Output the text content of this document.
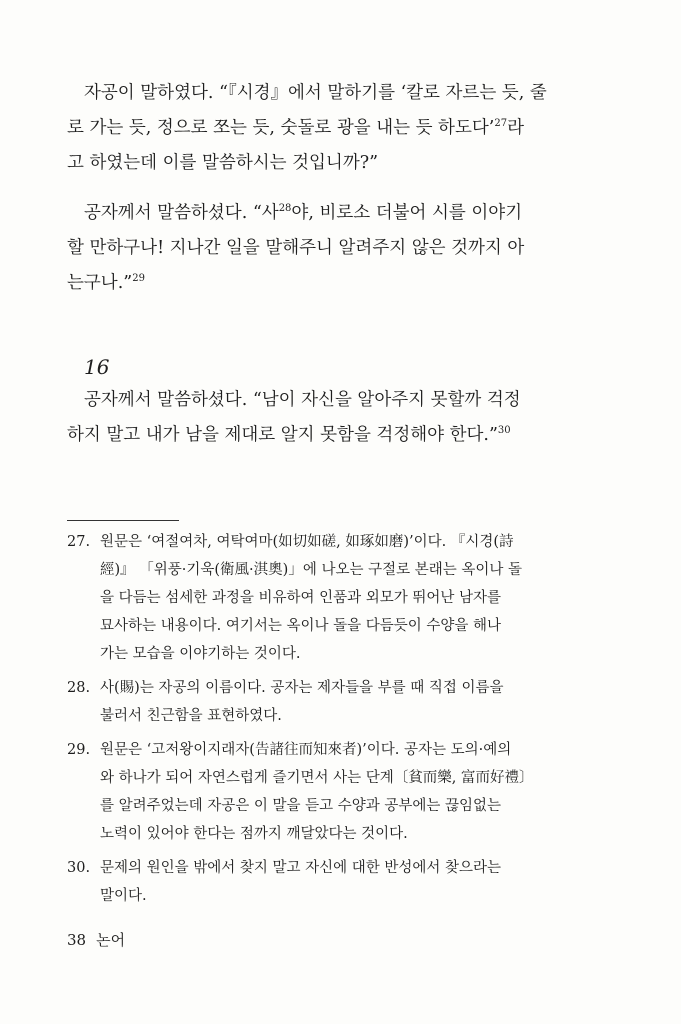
자공이 말하였다. “『시경』에서 말하기를 ‘칼로 자르는 듯, 줄
로 가는 듯, 정으로 쪼는 듯, 숫돌로 광을 내는 듯 하도다’$^{27}$라
고 하였는데 이를 말씀하시는 것입니까?”
공자께서 말씀하셨다. “사$^{28}$야, 비로소 더불어 시를 이야기
할 만하구나! 지나간 일을 말해주니 알려주지 않은 것까지 아
는구나.”$^{29}$
16
공자께서 말씀하셨다. “남이 자신을 알아주지 못할까 걱정
하지 말고 내가 남을 제대로 알지 못함을 걱정해야 한다.”$^{30}$
27. 원문은 ‘여절여차, 여탁여마(如切如磋, 如琢如磨)’이다. 『시경(詩
經)』 「위풍·기욱(衛風·淇奧)」에 나오는 구절로 본래는 옥이나 돌
을 다듬는 섬세한 과정을 비유하여 인품과 외모가 뛰어난 남자를
묘사하는 내용이다. 여기서는 옥이나 돌을 다듬듯이 수양을 해나
가는 모습을 이야기하는 것이다.
28. 사(賜)는 자공의 이름이다. 공자는 제자들을 부를 때 직접 이름을
불러서 친근함을 표현하였다.
29. 원문은 ‘고저왕이지래자(告諸往而知來者)’이다. 공자는 도의·예의
와 하나가 되어 자연스럽게 즐기면서 사는 단계〔貧而樂, 富而好禮〕
를 알려주었는데 자공은 이 말을 듣고 수양과 공부에는 끊임없는
노력이 있어야 한다는 점까지 깨달았다는 것이다.
30. 문제의 원인을 밖에서 찾지 말고 자신에 대한 반성에서 찾으라는
말이다.
38 논어
